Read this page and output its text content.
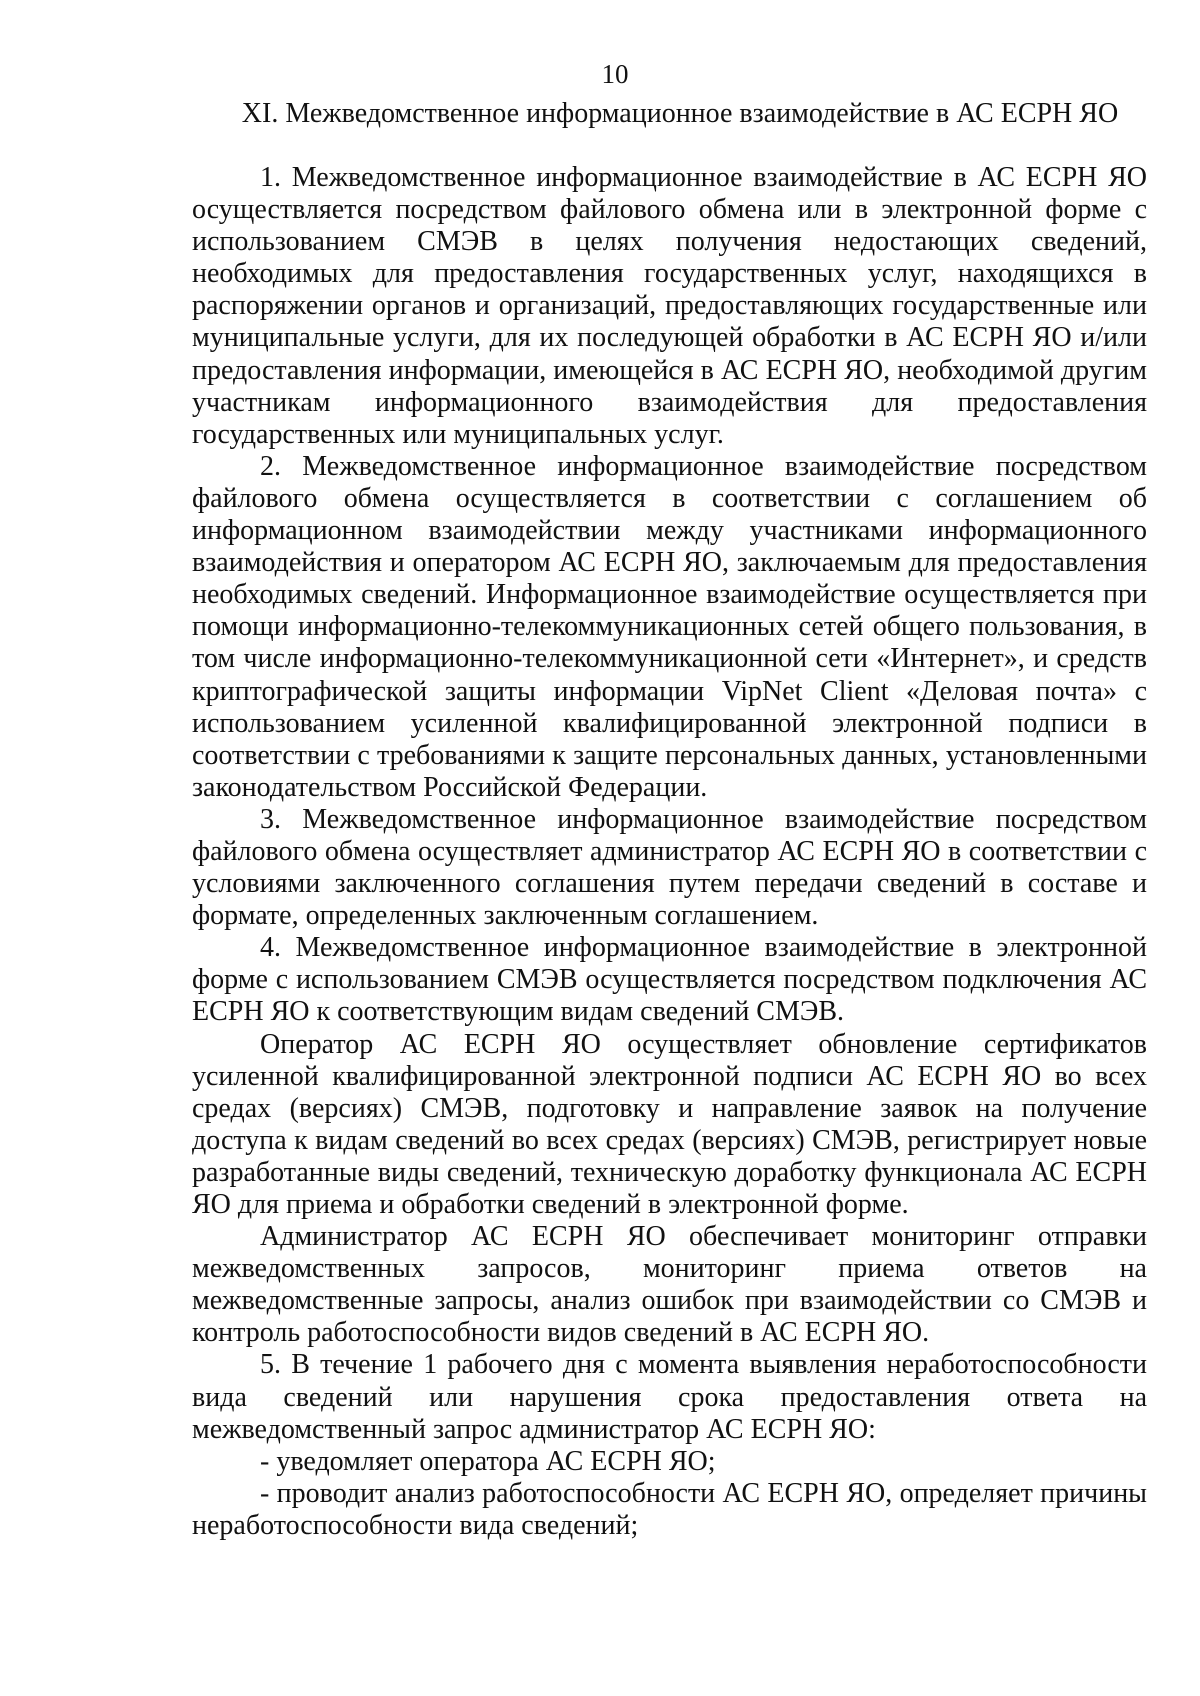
10
XI. Межведомственное информационное взаимодействие в АС ЕСРН ЯО

1. Межведомственное информационное взаимодействие в АС ЕСРН ЯО осуществляется посредством файлового обмена или в электронной форме с использованием СМЭВ в целях получения недостающих сведений, необходимых для предоставления государственных услуг, находящихся в распоряжении органов и организаций, предоставляющих государственные или муниципальные услуги, для их последующей обработки в АС ЕСРН ЯО и/или предоставления информации, имеющейся в АС ЕСРН ЯО, необходимой другим участникам информационного взаимодействия для предоставления государственных или муниципальных услуг.

2. Межведомственное информационное взаимодействие посредством файлового обмена осуществляется в соответствии с соглашением об информационном взаимодействии между участниками информационного взаимодействия и оператором АС ЕСРН ЯО, заключаемым для предоставления необходимых сведений. Информационное взаимодействие осуществляется при помощи информационно-телекоммуникационных сетей общего пользования, в том числе информационно-телекоммуникационной сети «Интернет», и средств криптографической защиты информации VipNet Client «Деловая почта» с использованием усиленной квалифицированной электронной подписи в соответствии с требованиями к защите персональных данных, установленными законодательством Российской Федерации.

3. Межведомственное информационное взаимодействие посредством файлового обмена осуществляет администратор АС ЕСРН ЯО в соответствии с условиями заключенного соглашения путем передачи сведений в составе и формате, определенных заключенным соглашением.

4. Межведомственное информационное взаимодействие в электронной форме с использованием СМЭВ осуществляется посредством подключения АС ЕСРН ЯО к соответствующим видам сведений СМЭВ.

Оператор АС ЕСРН ЯО осуществляет обновление сертификатов усиленной квалифицированной электронной подписи АС ЕСРН ЯО во всех средах (версиях) СМЭВ, подготовку и направление заявок на получение доступа к видам сведений во всех средах (версиях) СМЭВ, регистрирует новые разработанные виды сведений, техническую доработку функционала АС ЕСРН ЯО для приема и обработки сведений в электронной форме.

Администратор АС ЕСРН ЯО обеспечивает мониторинг отправки межведомственных запросов, мониторинг приема ответов на межведомственные запросы, анализ ошибок при взаимодействии со СМЭВ и контроль работоспособности видов сведений в АС ЕСРН ЯО.

5. В течение 1 рабочего дня с момента выявления неработоспособности вида сведений или нарушения срока предоставления ответа на межведомственный запрос администратор АС ЕСРН ЯО:

- уведомляет оператора АС ЕСРН ЯО;

- проводит анализ работоспособности АС ЕСРН ЯО, определяет причины неработоспособности вида сведений;
